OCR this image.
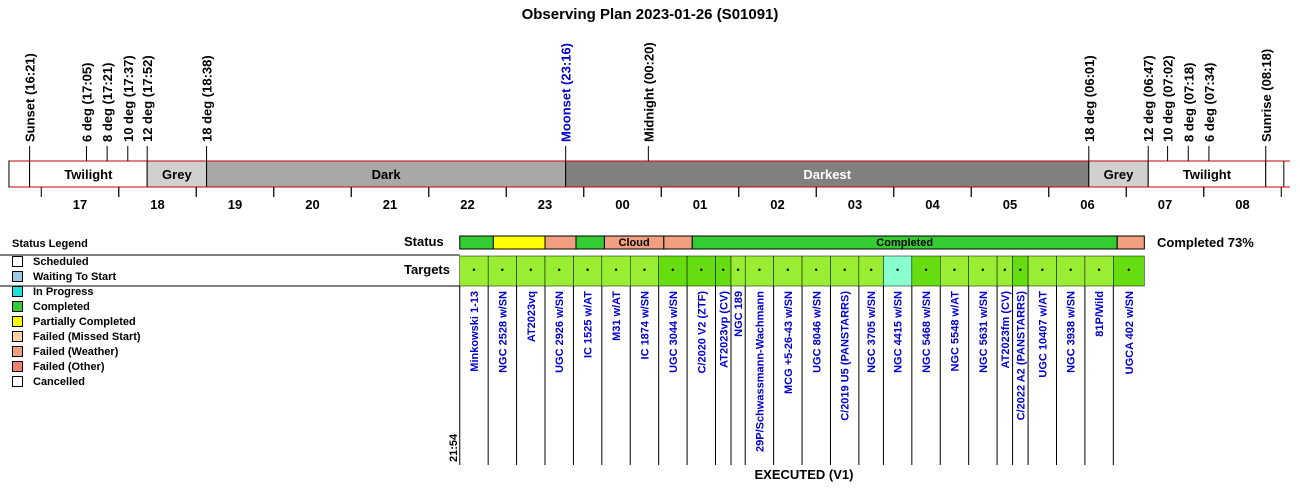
Observing Plan 2023-01-26 (S01091)
Twilight	Grey	Dark	Darkest	Grey	Twilight
Sunset (16:21)	6 deg (17:05) 8 deg (17:21) 10 deg (17:37) 12 deg (17:52)	18 deg (18:38)	Moonset (23:16)	Midnight (00:20)	18 deg (06:01)	12 deg (06:47) 10 deg (07:02) 8 deg (07:18) 6 deg (07:34)	Sunrise (08:18)
17	18	19	20	21	22	23	00	01	02	03	04	05	06	07	08
Cloud	Completed
•
Minkowski 1-13
•
NGC 2528 w/SN
•
AT2023vq
•
UGC 2926 w/SN
•
IC 1525 w/AT
•
M31 w/AT
•
IC 1874 w/SN
•
UGC 3044 w/SN
•
C/2020 V2 (ZTF)
•
AT2023vp (CV)
•
NGC 189
•
29P/Schwassmann-Wachmann
•
MCG +5-26-43 w/SN
•
UGC 8046 w/SN
•
C/2019 U5 (PANSTARRS)
•
NGC 3705 w/SN
•
NGC 4415 w/SN
•
NGC 5468 w/SN
•
NGC 5548 w/AT
•
NGC 5631 w/SN
•
AT2023fm (CV)
•
C/2022 A2 (PANSTARRS)
•
UGC 10407 w/AT
•
NGC 3938 w/SN
•
81P/Wild
•
UGCA 402 w/SN
21:54
Status Legend
Scheduled
Waiting To Start
In Progress
Completed
Partially Completed
Failed (Missed Start)
Failed (Weather)
Failed (Other)
Cancelled
Status
Targets
Completed 73%
EXECUTED (V1)
